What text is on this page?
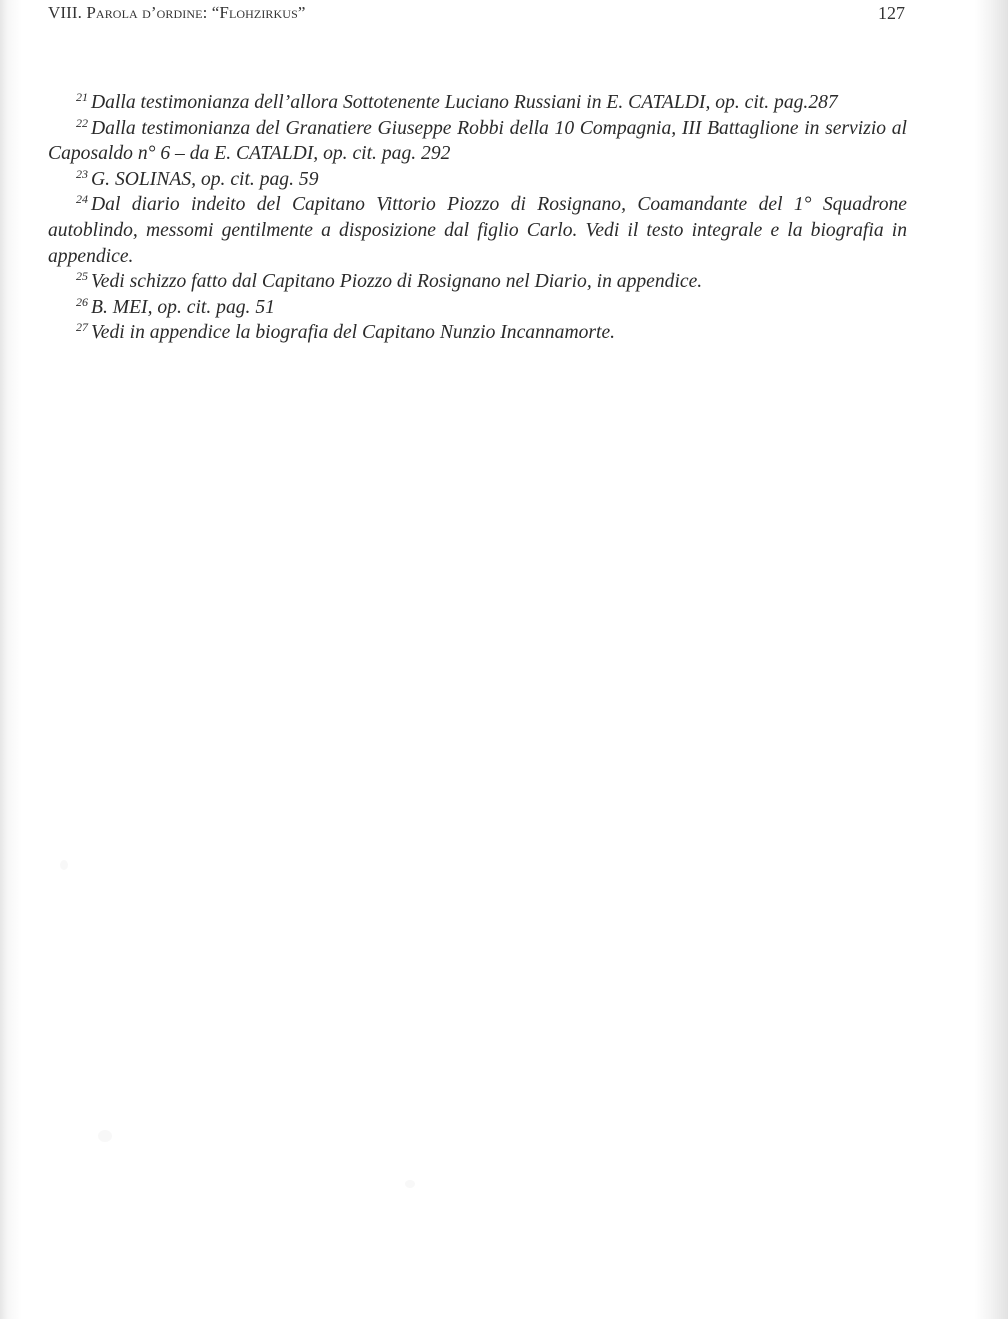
VIII. Parola d’ordine: “Flohzirkus”	127

$^{21}$ Dalla testimonianza dell’allora Sottotenente Luciano Russiani in E. CATALDI, op. cit. pag.287

$^{22}$ Dalla testimonianza del Granatiere Giuseppe Robbi della 10 Compagnia, III Battaglione in servizio al Caposaldo n° 6 – da E. CATALDI, op. cit. pag. 292

$^{23}$ G. SOLINAS, op. cit. pag. 59

$^{24}$ Dal diario indeito del Capitano Vittorio Piozzo di Rosignano, Coamandante del 1° Squadrone autoblindo, messomi gentilmente a disposizione dal figlio Carlo. Vedi il testo integrale e la biografia in appendice.

$^{25}$ Vedi schizzo fatto dal Capitano Piozzo di Rosignano nel Diario, in appendice.

$^{26}$ B. MEI, op. cit. pag. 51

$^{27}$ Vedi in appendice la biografia del Capitano Nunzio Incannamorte.
